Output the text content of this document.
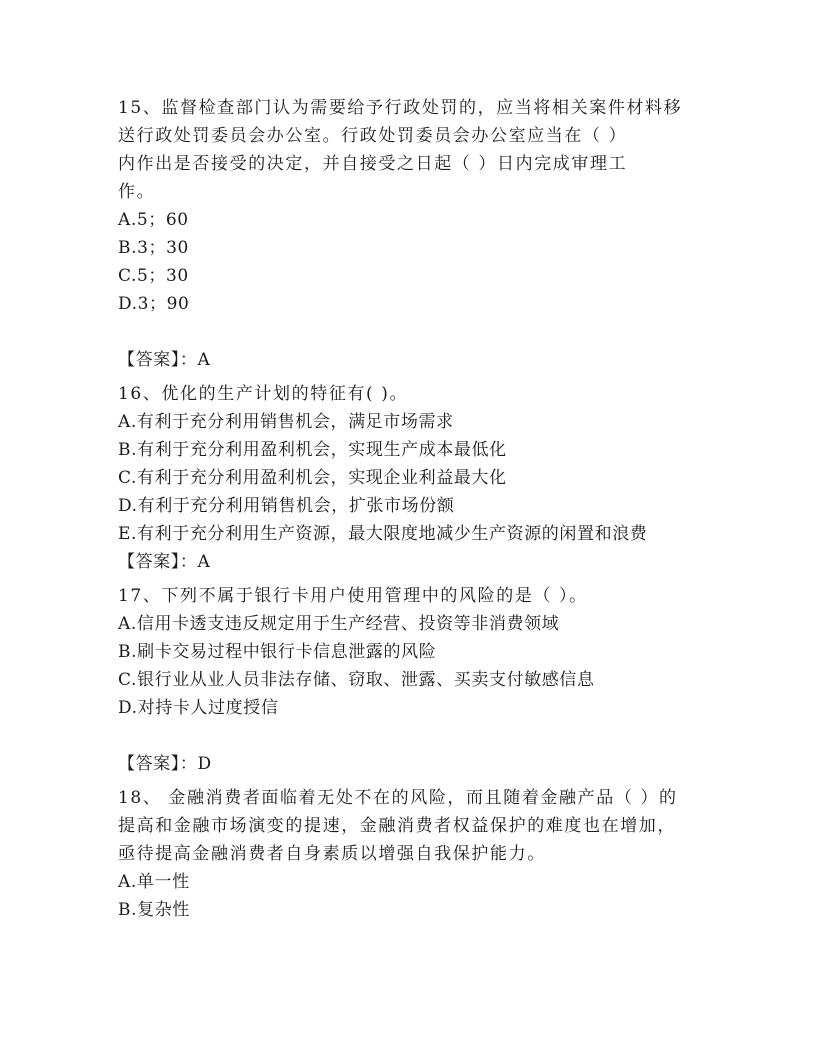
15、监督检查部门认为需要给予行政处罚的，应当将相关案件材料移
送行政处罚委员会办公室。行政处罚委员会办公室应当在（ ）
内作出是否接受的决定，并自接受之日起（ ）日内完成审理工
作。
A.5；60
B.3；30
C.5；30
D.3；90
【答案】：A
16、优化的生产计划的特征有( )。
A.有利于充分利用销售机会，满足市场需求
B.有利于充分利用盈利机会，实现生产成本最低化
C.有利于充分利用盈利机会，实现企业利益最大化
D.有利于充分利用销售机会，扩张市场份额
E.有利于充分利用生产资源，最大限度地减少生产资源的闲置和浪费
【答案】：A
17、下列不属于银行卡用户使用管理中的风险的是（ ）。
A.信用卡透支违反规定用于生产经营、投资等非消费领域
B.刷卡交易过程中银行卡信息泄露的风险
C.银行业从业人员非法存储、窃取、泄露、买卖支付敏感信息
D.对持卡人过度授信
【答案】：D
18、 金融消费者面临着无处不在的风险，而且随着金融产品（ ）的
提高和金融市场演变的提速，金融消费者权益保护的难度也在增加，
亟待提高金融消费者自身素质以增强自我保护能力。
A.单一性
B.复杂性
